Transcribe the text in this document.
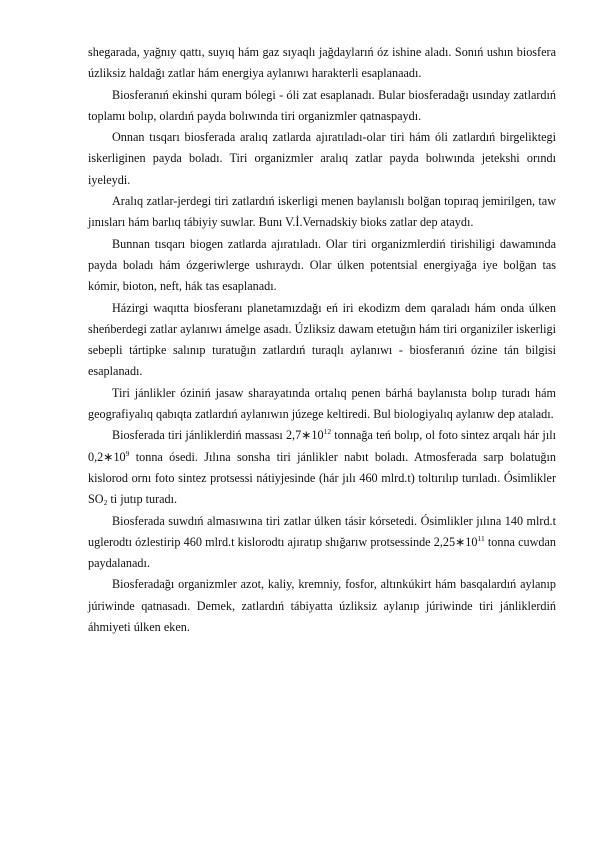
shegarada, yağnıy qattı, suyıq hám gaz sıyaqlı jağdaylarıń óz ishine aladı. Sonıń ushın biosfera úzliksiz haldağı zatlar hám energiya aylanıwı harakterli esaplanaadı.

Biosferanıń ekinshi quram bólegi - óli zat esaplanadı. Bular biosferadağı usınday zatlardıń toplamı bolıp, olardıń payda bolıwında tiri organizmler qatnaspaydı.

Onnan tısqarı biosferada aralıq zatlarda ajıratıladı-olar tiri hám óli zatlardıń birgeliktegi iskerliginen payda boladı. Tiri organizmler aralıq zatlar payda bolıwında jetekshi orındı iyeleydi.

Aralıq zatlar-jerdegi tiri zatlardıń iskerligi menen baylanıslı bolğan topıraq jemirilgen, taw jınısları hám barlıq tábiyiy suwlar. Bunı V.İ.Vernadskiy bioks zatlar dep ataydı.

Bunnan tısqarı biogen zatlarda ajıratıladı. Olar tiri organizmlerdiń tirishiligi dawamında payda boladı hám ózgeriwlerge ushıraydı. Olar úlken potentsial energiyağa iye bolğan tas kómir, bioton, neft, hák tas esaplanadı.

Házirgi waqıtta biosferanı planetamızdağı eń iri ekodizm dem qaraladı hám onda úlken sheńberdegi zatlar aylanıwı ámelge asadı. Úzliksiz dawam etetuğın hám tiri organiziler iskerligi sebepli tártipke salınıp turatuğın zatlardıń turaqlı aylanıwı - biosferanıń ózine tán bilgisi esaplanadı.

Tiri jánlikler óziniń jasaw sharayatında ortalıq penen bárhá baylanısta bolıp turadı hám geografiyalıq qabıqta zatlardıń aylanıwın júzege keltiredi. Bul biologiyalıq aylanıw dep ataladı.

Biosferada tiri jánliklerdiń massası $2,7∗10^{12}$ tonnağa teń bolıp, ol foto sintez arqalı hár jılı $0,2∗10^9$ tonna ósedi. Jılına sonsha tiri jánlikler nabıt boladı. Atmosferada sarp bolatuğın kislorod ornı foto sintez protsessi nátiyjesinde (hár jılı 460 mlrd.t) toltırılıp turıladı. Ósimlikler $SO_2$ ti jutıp turadı.

Biosferada suwdıń almasıwına tiri zatlar úlken tásir kórsetedi. Ósimlikler jılına 140 mlrd.t uglerodtı ózlestirip 460 mlrd.t kislorodtı ajıratıp shığarıw protsessinde $2,25∗10^{11}$ tonna cuwdan paydalanadı.

Biosferadağı organizmler azot, kaliy, kremniy, fosfor, altınkúkirt hám basqalardıń aylanıp júriwinde qatnasadı. Demek, zatlardıń tábiyatta úzliksiz aylanıp júriwinde tiri jánliklerdiń áhmiyeti úlken eken.
